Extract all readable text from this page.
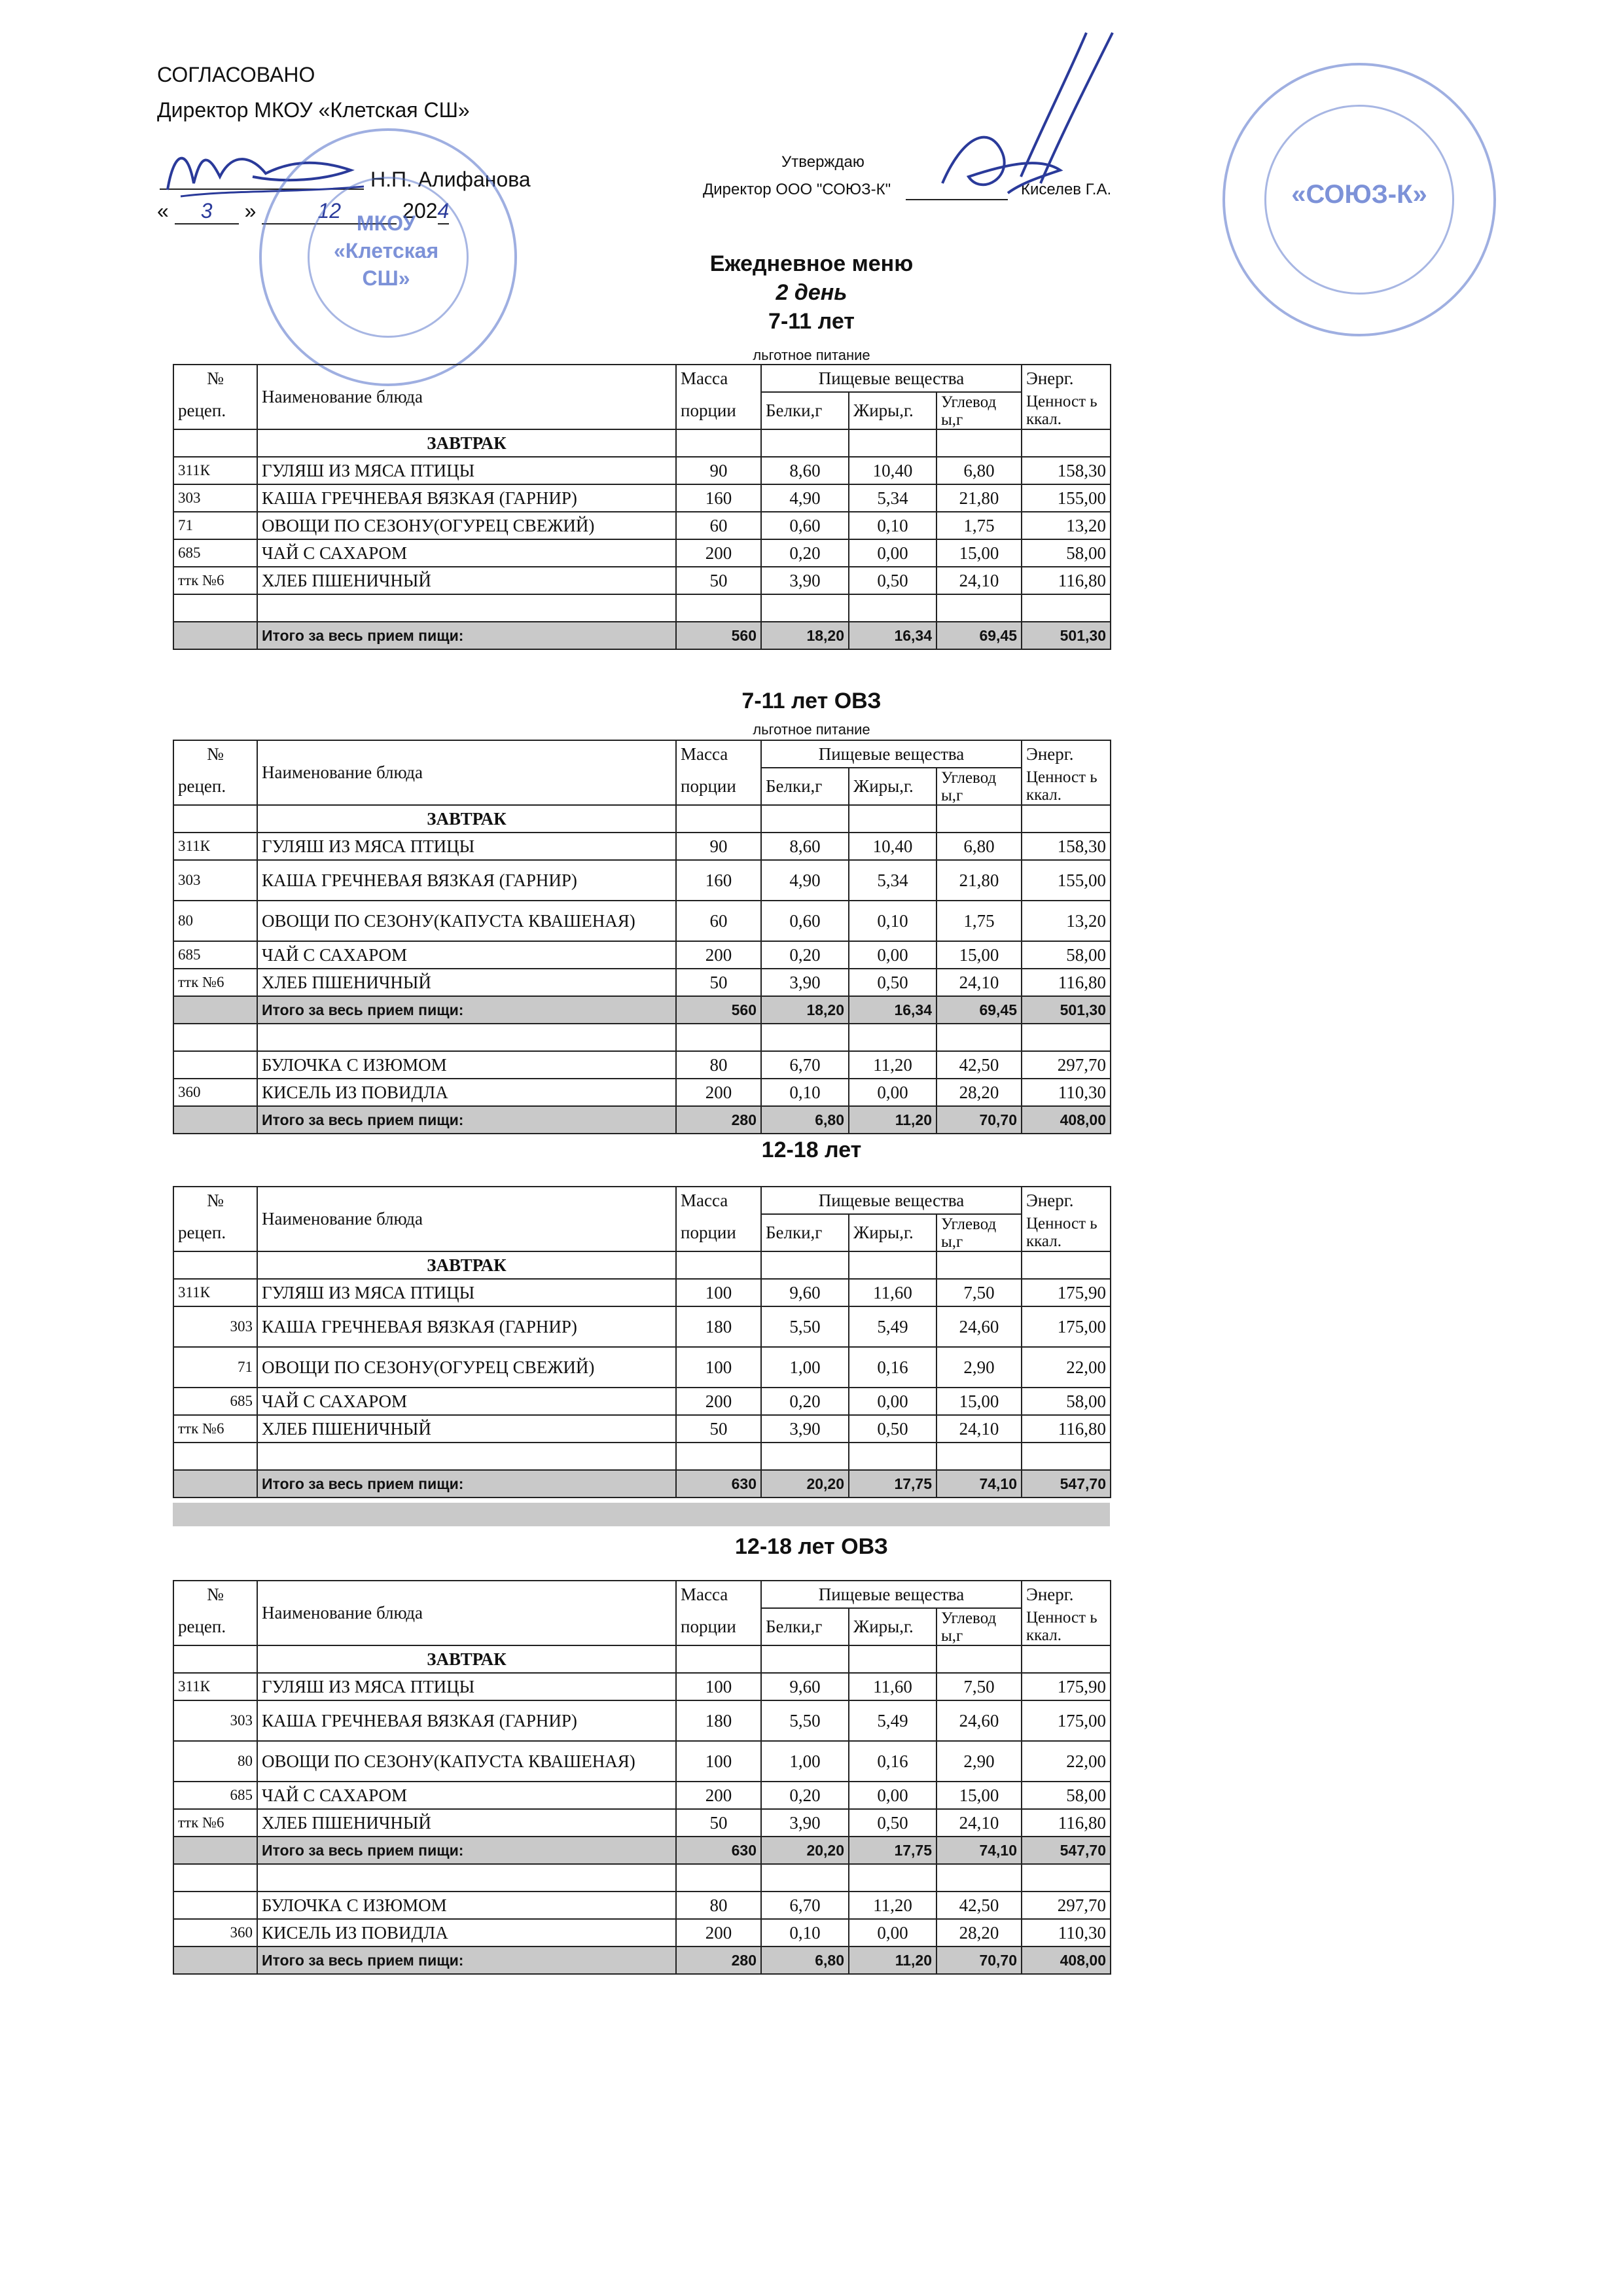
СОГЛАСОВАНО
Директор МКОУ «Клетская СШ»
Н.П. Алифанова
« 3 »	12	2024
Утверждаю
Директор ООО "СОЮЗ-К"	Киселев Г.А.
МКОУ «Клетская СШ»
«СОЮЗ-К»
Ежедневное меню
2 день
7-11 лет
льготное питание
7-11 лет ОВЗ
льготное питание
12-18 лет
12-18 лет ОВЗ
№	Наименование блюда	Масса	Пищевые вещества			Энерг.
рецеп.		порции	Белки,г	Жиры,г.	Углевод ы,г	Ценност ь ккал.
	ЗАВТРАК					
311К	ГУЛЯШ ИЗ МЯСА ПТИЦЫ	90	8,60	10,40	6,80	158,30
303	КАША ГРЕЧНЕВАЯ ВЯЗКАЯ (ГАРНИР)	160	4,90	5,34	21,80	155,00
71	ОВОЩИ ПО СЕЗОНУ(ОГУРЕЦ СВЕЖИЙ)	60	0,60	0,10	1,75	13,20
685	ЧАЙ С САХАРОМ	200	0,20	0,00	15,00	58,00
ттк №6	ХЛЕБ ПШЕНИЧНЫЙ	50	3,90	0,50	24,10	116,80

	Итого за весь прием пищи:	560	18,20	16,34	69,45	501,30
№	Наименование блюда	Масса	Пищевые вещества			Энерг.
рецеп.		порции	Белки,г	Жиры,г.	Углевод ы,г	Ценност ь ккал.
	ЗАВТРАК					
311К	ГУЛЯШ ИЗ МЯСА ПТИЦЫ	90	8,60	10,40	6,80	158,30
303	КАША ГРЕЧНЕВАЯ ВЯЗКАЯ (ГАРНИР)	160	4,90	5,34	21,80	155,00
80	ОВОЩИ ПО СЕЗОНУ(КАПУСТА КВАШЕНАЯ)	60	0,60	0,10	1,75	13,20
685	ЧАЙ С САХАРОМ	200	0,20	0,00	15,00	58,00
ттк №6	ХЛЕБ ПШЕНИЧНЫЙ	50	3,90	0,50	24,10	116,80
	Итого за весь прием пищи:	560	18,20	16,34	69,45	501,30

	БУЛОЧКА С ИЗЮМОМ	80	6,70	11,20	42,50	297,70
360	КИСЕЛЬ ИЗ ПОВИДЛА	200	0,10	0,00	28,20	110,30
	Итого за весь прием пищи:	280	6,80	11,20	70,70	408,00
№	Наименование блюда	Масса	Пищевые вещества			Энерг.
рецеп.		порции	Белки,г	Жиры,г.	Углевод ы,г	Ценност ь ккал.
	ЗАВТРАК					
311К	ГУЛЯШ ИЗ МЯСА ПТИЦЫ	100	9,60	11,60	7,50	175,90
303	КАША ГРЕЧНЕВАЯ ВЯЗКАЯ (ГАРНИР)	180	5,50	5,49	24,60	175,00
71	ОВОЩИ ПО СЕЗОНУ(ОГУРЕЦ СВЕЖИЙ)	100	1,00	0,16	2,90	22,00
685	ЧАЙ С САХАРОМ	200	0,20	0,00	15,00	58,00
ттк №6	ХЛЕБ ПШЕНИЧНЫЙ	50	3,90	0,50	24,10	116,80

	Итого за весь прием пищи:	630	20,20	17,75	74,10	547,70
№	Наименование блюда	Масса	Пищевые вещества			Энерг.
рецеп.		порции	Белки,г	Жиры,г.	Углевод ы,г	Ценност ь ккал.
	ЗАВТРАК					
311К	ГУЛЯШ ИЗ МЯСА ПТИЦЫ	100	9,60	11,60	7,50	175,90
303	КАША ГРЕЧНЕВАЯ ВЯЗКАЯ (ГАРНИР)	180	5,50	5,49	24,60	175,00
80	ОВОЩИ ПО СЕЗОНУ(КАПУСТА КВАШЕНАЯ)	100	1,00	0,16	2,90	22,00
685	ЧАЙ С САХАРОМ	200	0,20	0,00	15,00	58,00
ттк №6	ХЛЕБ ПШЕНИЧНЫЙ	50	3,90	0,50	24,10	116,80
	Итого за весь прием пищи:	630	20,20	17,75	74,10	547,70

	БУЛОЧКА С ИЗЮМОМ	80	6,70	11,20	42,50	297,70
360	КИСЕЛЬ ИЗ ПОВИДЛА	200	0,10	0,00	28,20	110,30
	Итого за весь прием пищи:	280	6,80	11,20	70,70	408,00
